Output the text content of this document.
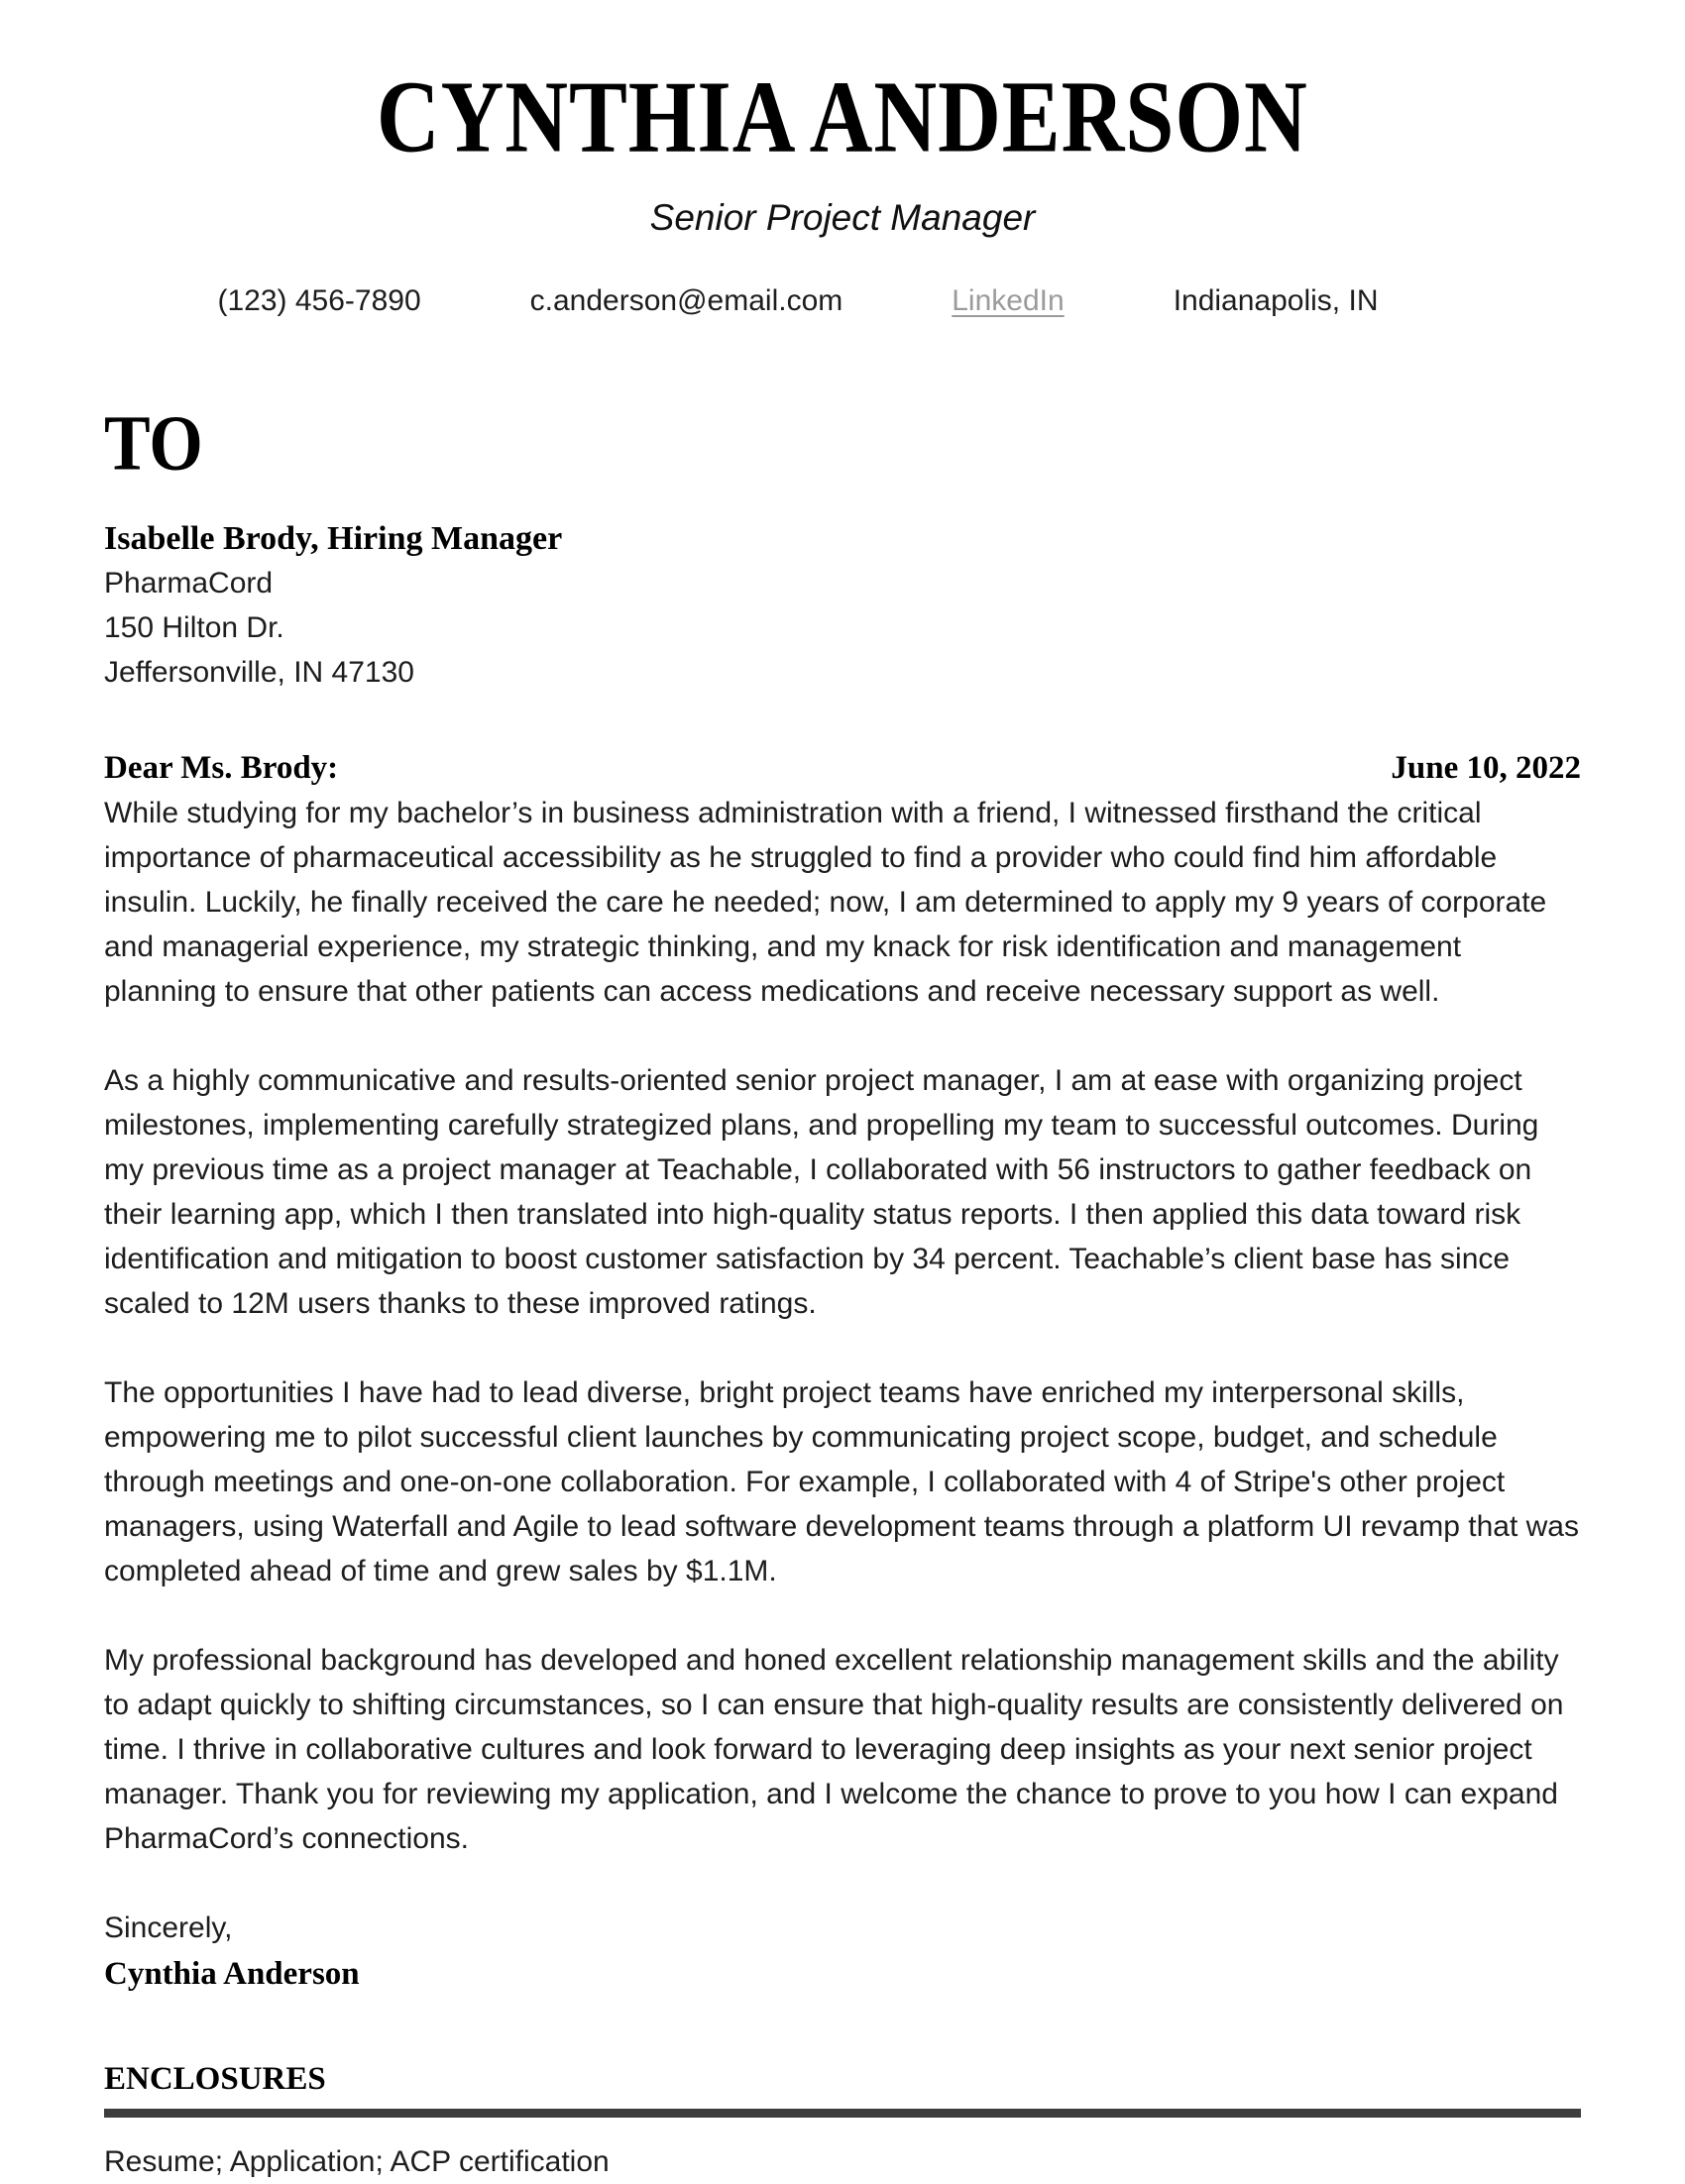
CYNTHIA ANDERSON
Senior Project Manager
(123) 456-7890	c.anderson@email.com	LinkedIn	Indianapolis, IN
TO
Isabelle Brody, Hiring Manager
PharmaCord
150 Hilton Dr.
Jeffersonville, IN 47130
Dear Ms. Brody:	June 10, 2022

While studying for my bachelor’s in business administration with a friend, I witnessed firsthand the critical importance of pharmaceutical accessibility as he struggled to find a provider who could find him affordable insulin. Luckily, he finally received the care he needed; now, I am determined to apply my 9 years of corporate and managerial experience, my strategic thinking, and my knack for risk identification and management planning to ensure that other patients can access medications and receive necessary support as well.

As a highly communicative and results-oriented senior project manager, I am at ease with organizing project milestones, implementing carefully strategized plans, and propelling my team to successful outcomes. During my previous time as a project manager at Teachable, I collaborated with 56 instructors to gather feedback on their learning app, which I then translated into high-quality status reports. I then applied this data toward risk identification and mitigation to boost customer satisfaction by 34 percent. Teachable’s client base has since scaled to 12M users thanks to these improved ratings.

The opportunities I have had to lead diverse, bright project teams have enriched my interpersonal skills, empowering me to pilot successful client launches by communicating project scope, budget, and schedule through meetings and one-on-one collaboration. For example, I collaborated with 4 of Stripe's other project managers, using Waterfall and Agile to lead software development teams through a platform UI revamp that was completed ahead of time and grew sales by $1.1M.

My professional background has developed and honed excellent relationship management skills and the ability to adapt quickly to shifting circumstances, so I can ensure that high-quality results are consistently delivered on time. I thrive in collaborative cultures and look forward to leveraging deep insights as your next senior project manager. Thank you for reviewing my application, and I welcome the chance to prove to you how I can expand PharmaCord’s connections.

Sincerely,
Cynthia Anderson
ENCLOSURES
Resume; Application; ACP certification
